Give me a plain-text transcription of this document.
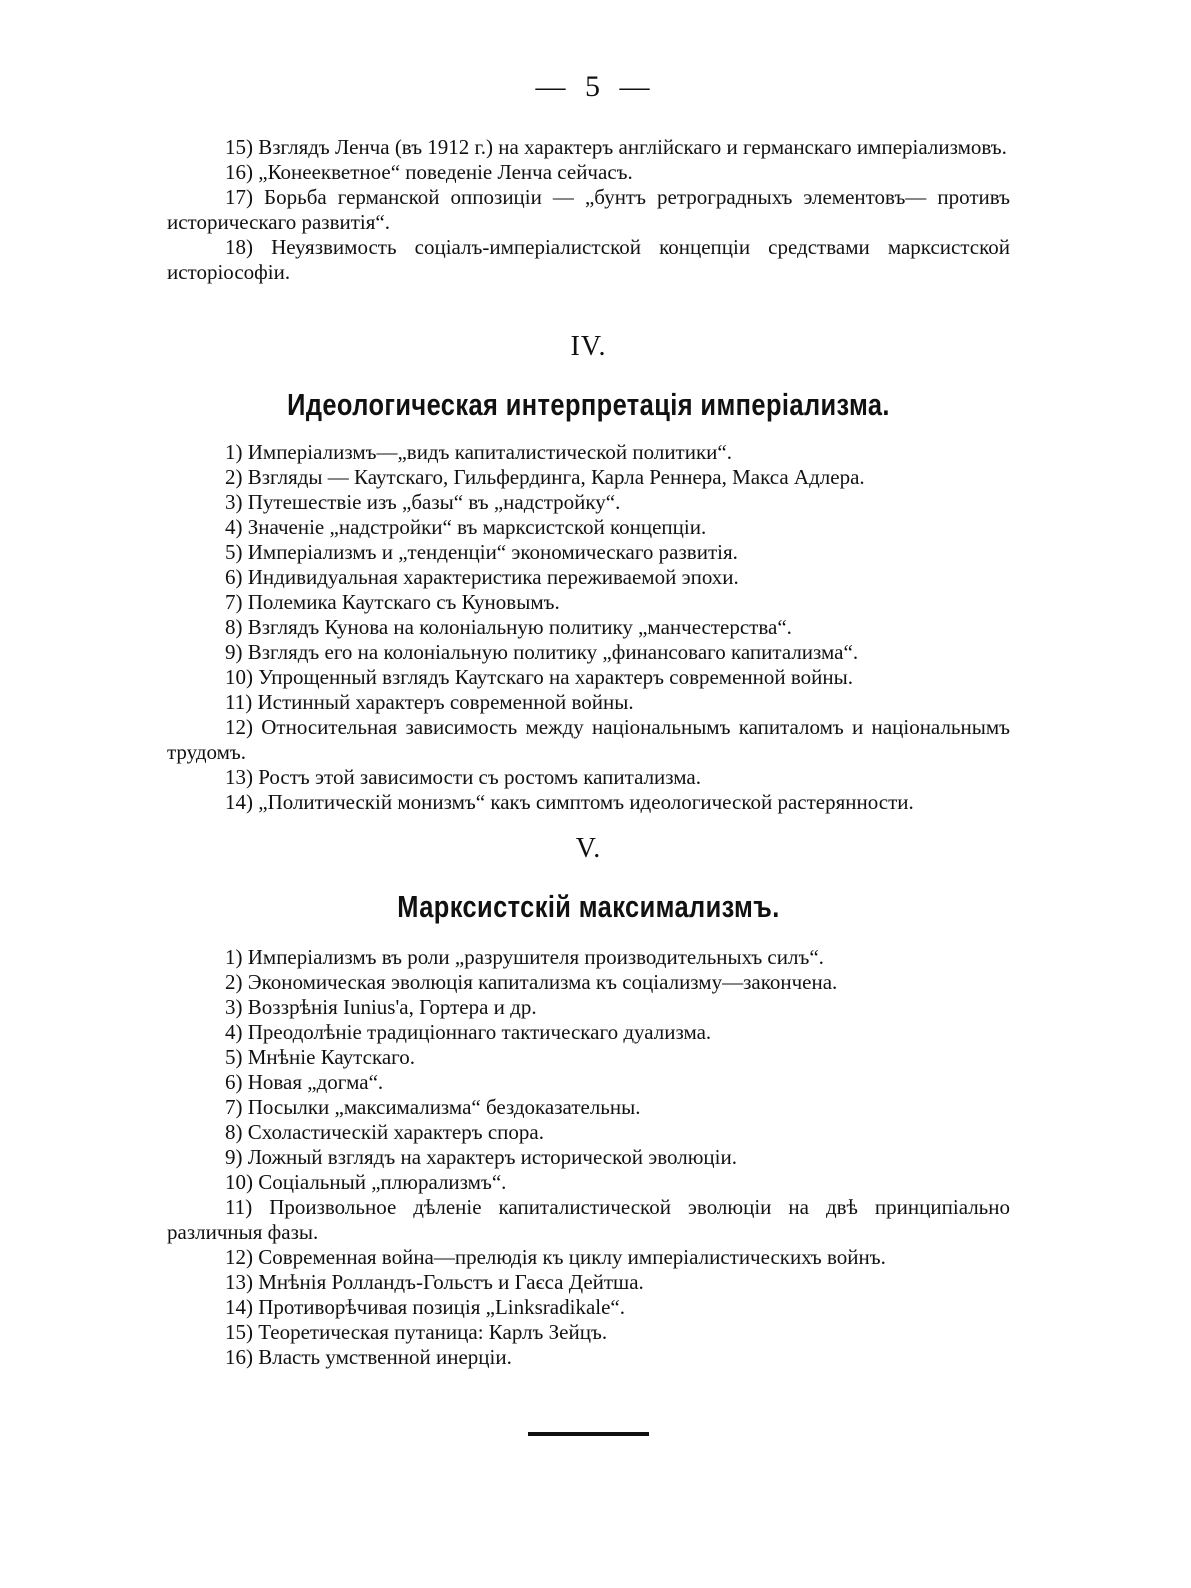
— 5 —
15) Взглядъ Ленча (въ 1912 г.) на характеръ англійскаго и германскаго имперіализмовъ.
16) „Конеекветное“ поведеніе Ленча сейчасъ.
17) Борьба германской оппозиціи — „бунтъ ретроградныхъ элементовъ— противъ историческаго развитія“.
18) Неуязвимость соціалъ-имперіалистской концепціи средствами марксистской исторіософіи.
IV.
Идеологическая интерпретація имперіализма.
1) Имперіализмъ—„видъ капиталистической политики“.
2) Взгляды — Каутскаго, Гильфердинга, Карла Реннера, Макса Адлера.
3) Путешествіе изъ „базы“ въ „надстройку“.
4) Значеніе „надстройки“ въ марксистской концепціи.
5) Имперіализмъ и „тенденціи“ экономическаго развитія.
6) Индивидуальная характеристика переживаемой эпохи.
7) Полемика Каутскаго съ Куновымъ.
8) Взглядъ Кунова на колоніальную политику „манчестерства“.
9) Взглядъ его на колоніальную политику „финансоваго капитализма“.
10) Упрощенный взглядъ Каутскаго на характеръ современной войны.
11) Истинный характеръ современной войны.
12) Относительная зависимость между національнымъ капиталомъ и національнымъ трудомъ.
13) Ростъ этой зависимости съ ростомъ капитализма.
14) „Политическій монизмъ“ какъ симптомъ идеологической растерянности.
V.
Марксистскій максимализмъ.
1) Имперіализмъ въ роли „разрушителя производительныхъ силъ“.
2) Экономическая эволюція капитализма къ соціализму—закончена.
3) Воззрѣнія Iunius'a, Гортера и др.
4) Преодолѣніе традиціоннаго тактическаго дуализма.
5) Мнѣніе Каутскаго.
6) Новая „догма“.
7) Посылки „максимализма“ бездоказательны.
8) Схоластическій характеръ спора.
9) Ложный взглядъ на характеръ исторической эволюціи.
10) Соціальный „плюрализмъ“.
11) Произвольное дѣленіе капиталистической эволюціи на двѣ принципіально различныя фазы.
12) Современная война—прелюдія къ циклу имперіалистическихъ войнъ.
13) Мнѣнія Ролландъ-Гольстъ и Гаєса Дейтша.
14) Противорѣчивая позиція „Linksradikale“.
15) Теоретическая путаница: Карлъ Зейцъ.
16) Власть умственной инерціи.
